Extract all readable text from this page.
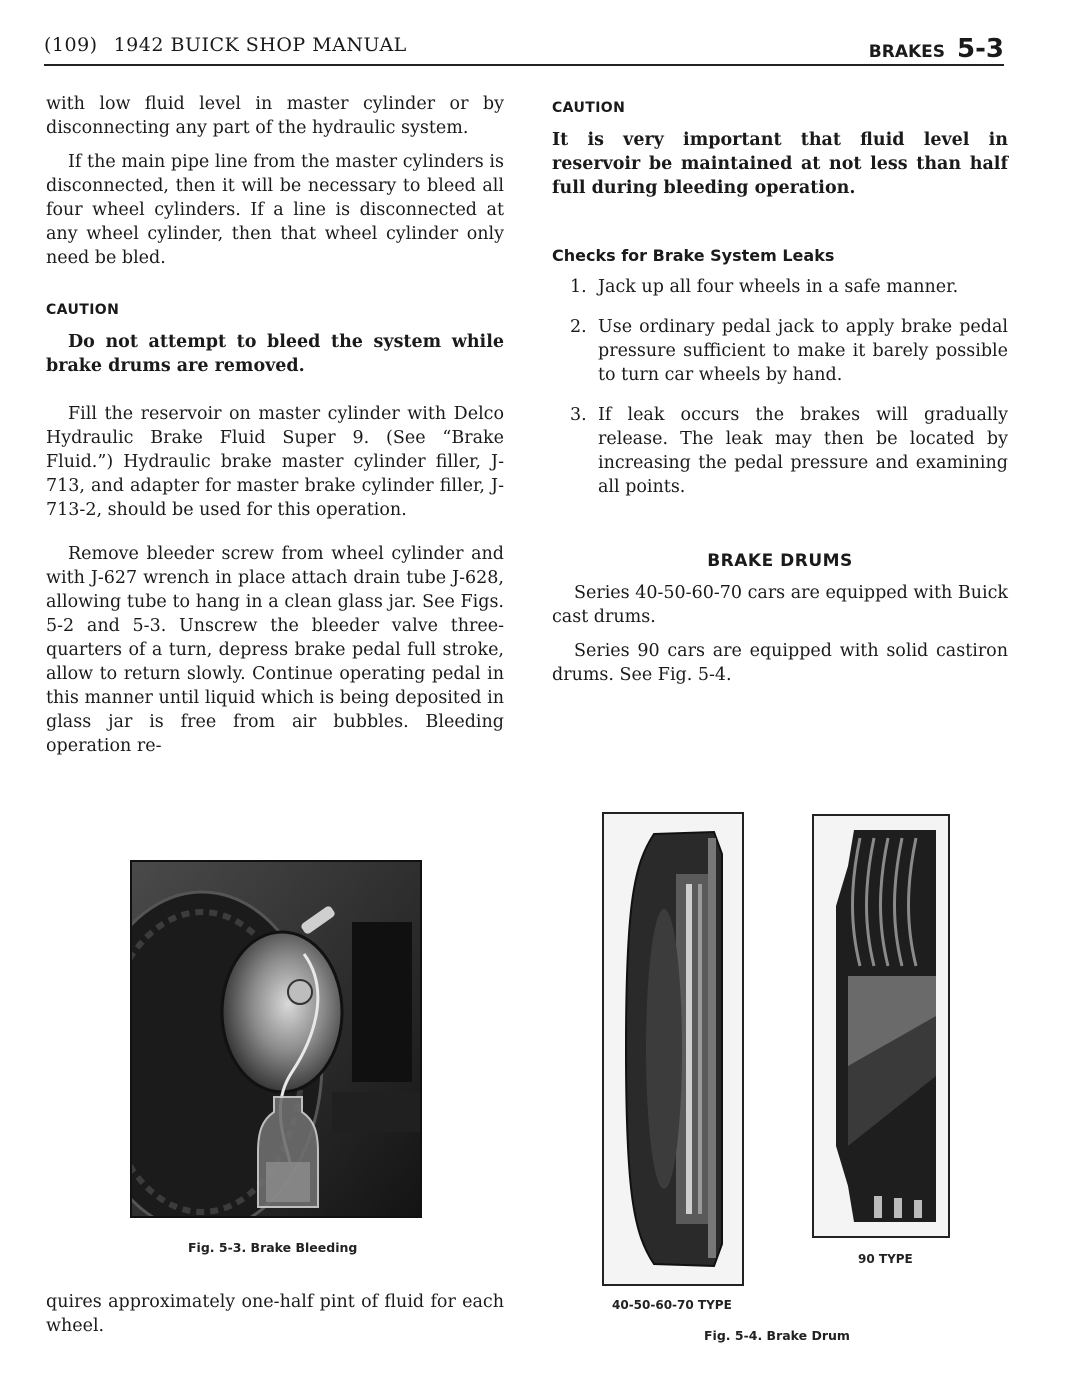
(109) 1942 BUICK SHOP MANUAL	BRAKES 5-3

with low fluid level in master cylinder or by disconnecting any part of the hydraulic system.

If the main pipe line from the master cylinders is disconnected, then it will be necessary to bleed all four wheel cylinders. If a line is disconnected at any wheel cylinder, then that wheel cylinder only need be bled.

CAUTION

Do not attempt to bleed the system while brake drums are removed.

Fill the reservoir on master cylinder with Delco Hydraulic Brake Fluid Super 9. (See “Brake Fluid.”) Hydraulic brake master cylinder filler, J-713, and adapter for master brake cylinder filler, J-713-2, should be used for this operation.

Remove bleeder screw from wheel cylinder and with J-627 wrench in place attach drain tube J-628, allowing tube to hang in a clean glass jar. See Figs. 5-2 and 5-3. Unscrew the bleeder valve three-quarters of a turn, depress brake pedal full stroke, allow to return slowly. Continue operating pedal in this manner until liquid which is being deposited in glass jar is free from air bubbles. Bleeding operation re-

Fig. 5-3. Brake Bleeding

quires approximately one-half pint of fluid for each wheel.

CAUTION

It is very important that fluid level in reservoir be maintained at not less than half full during bleeding operation.

Checks for Brake System Leaks
1. Jack up all four wheels in a safe manner.
2. Use ordinary pedal jack to apply brake pedal pressure sufficient to make it barely possible to turn car wheels by hand.
3. If leak occurs the brakes will gradually release. The leak may then be located by increasing the pedal pressure and examining all points.
BRAKE DRUMS

Series 40-50-60-70 cars are equipped with Buick cast drums.

Series 90 cars are equipped with solid castiron drums. See Fig. 5-4.

40-50-60-70 TYPE
90 TYPE
Fig. 5-4. Brake Drum
